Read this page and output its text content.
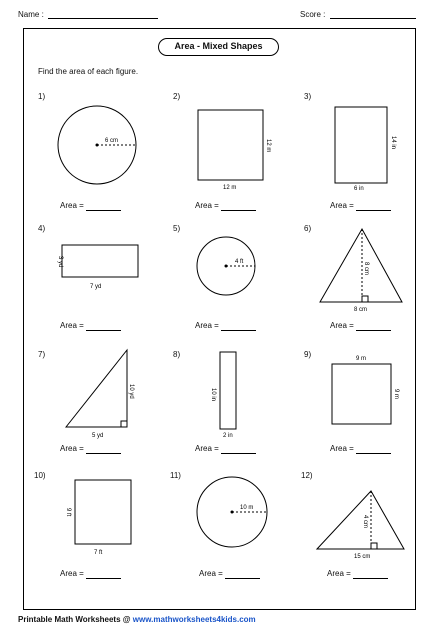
Name :	Score :
Area - Mixed Shapes
Find the area of each figure.
1)	2)	3)
4)	5)	6)
7)	8)	9)
10)	11)	12)
6 cm	12 m
12 m
14 in
6 in
3 yd
7 yd
4 ft	8 cm
8 cm
10 yd
5 yd
10 in
2 in
9 m
9 m
9 ft
7 ft
10 m
4 cm
15 cm
Area =	Area =	Area =
Area =	Area =	Area =
Area =	Area =	Area =
Area =	Area =	Area =
Printable Math Worksheets @ www.mathworksheets4kids.com
